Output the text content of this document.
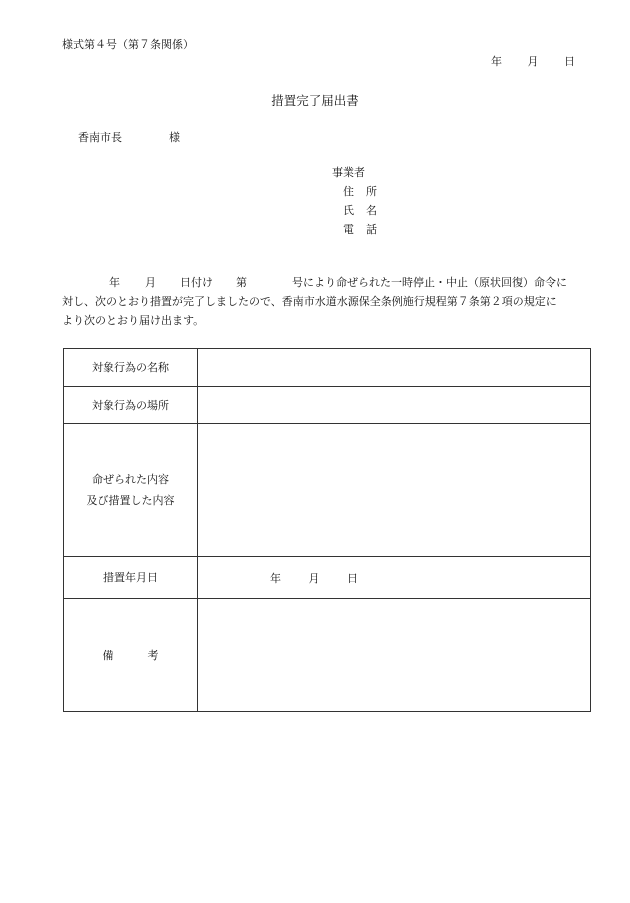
様式第４号（第７条関係）
年 月 日
措置完了届出書
香南市長	様
事業者
住 所
氏 名
電 話
年 月 日付け 第	号により命ぜられた一時停止・中止（原状回復）命令に
対し、次のとおり措置が完了しましたので、香南市水道水源保全条例施行規程第７条第２項の規定に
より次のとおり届け出ます。
対象行為の名称	
対象行為の場所	

命ぜられた内容
及び措置した内容	

措置年月日	年 月 日
備 考	
